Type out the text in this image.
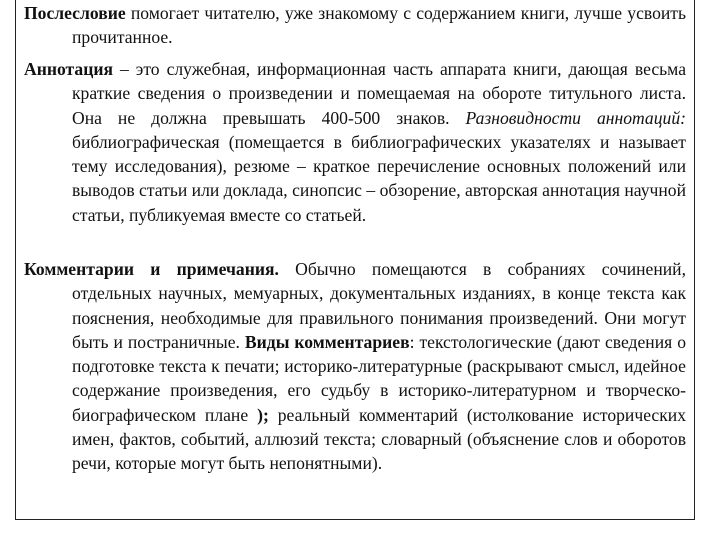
Послесловие помогает читателю, уже знакомому с содержанием книги, лучше усвоить прочитанное.

Аннотация – это служебная, информационная часть аппарата книги, дающая весьма краткие сведения о произведении и помещаемая на обороте титульного листа. Она не должна превышать 400-500 знаков. Разновидности аннотаций: библиографическая (помещается в библиографических указателях и называет тему исследования), резюме – краткое перечисление основных положений или выводов статьи или доклада, синопсис – обзорение, авторская аннотация научной статьи, публикуемая вместе со статьей.

Комментарии и примечания. Обычно помещаются в собраниях сочинений, отдельных научных, мемуарных, документальных изданиях, в конце текста как пояснения, необходимые для правильного понимания произведений. Они могут быть и постраничные. Виды комментариев: текстологические (дают сведения о подготовке текста к печати; историко-литературные (раскрывают смысл, идейное содержание произведения, его судьбу в историко-литературном и творческо-биографическом плане ); реальный комментарий (истолкование исторических имен, фактов, событий, аллюзий текста; словарный (объяснение слов и оборотов речи, которые могут быть непонятными).
